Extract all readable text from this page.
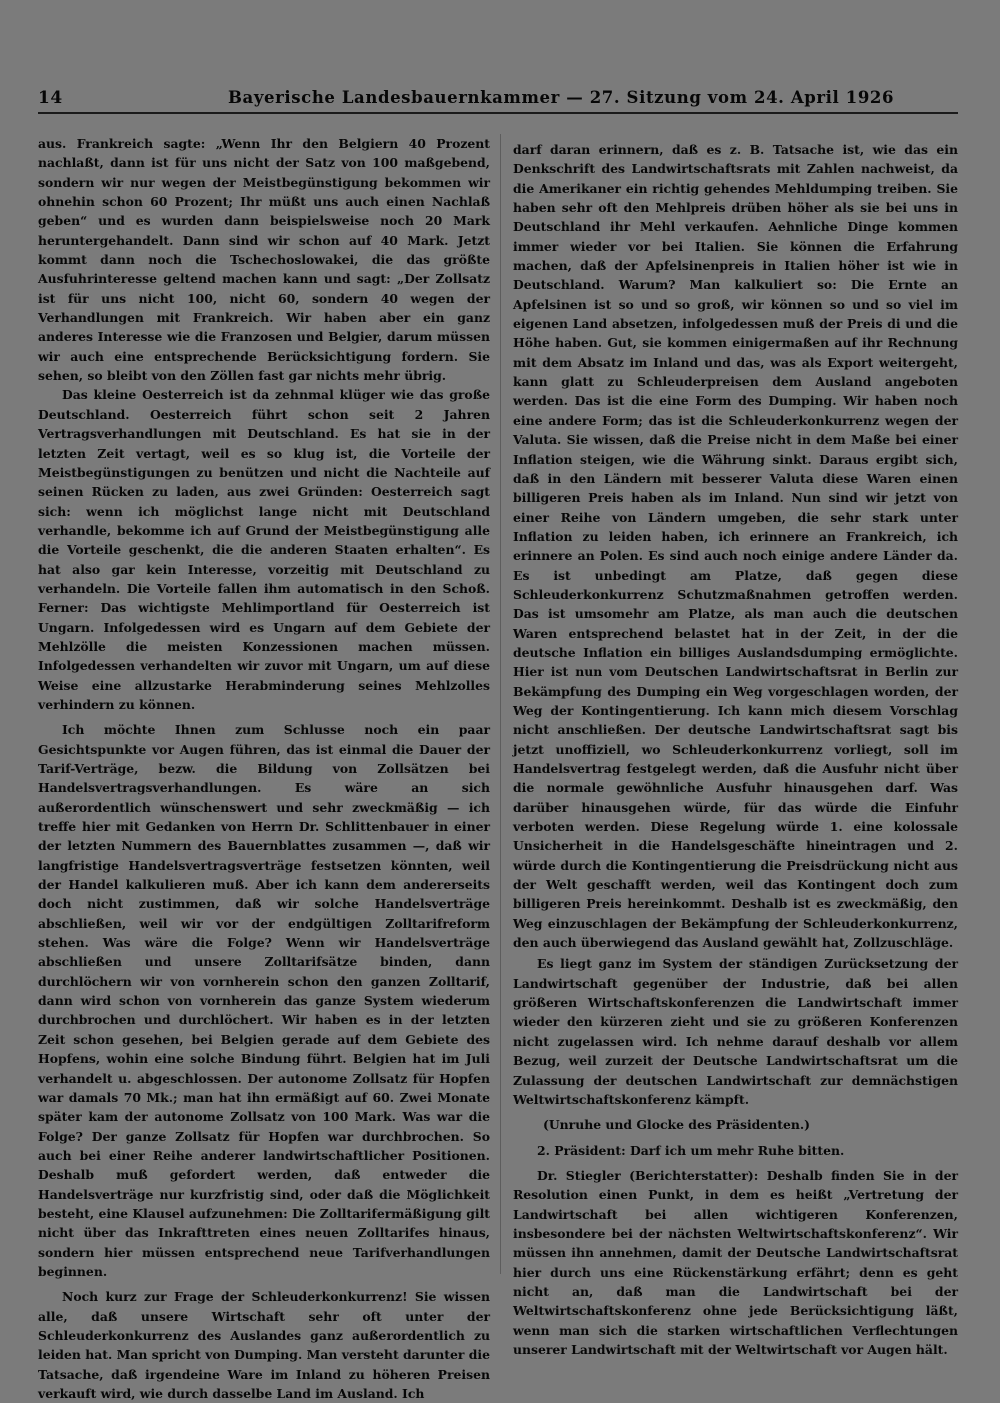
14	Bayerische Landesbauernkammer — 27. Sitzung vom 24. April 1926

aus. Frankreich sagte: „Wenn Ihr den Belgiern 40 Prozent nachlaßt, dann ist für uns nicht der Satz von 100 maßgebend, sondern wir nur wegen der Meistbegünstigung bekommen wir ohnehin schon 60 Prozent; Ihr müßt uns auch einen Nachlaß geben“ und es wurden dann beispielsweise noch 20 Mark heruntergehandelt. Dann sind wir schon auf 40 Mark. Jetzt kommt dann noch die Tschechoslowakei, die das größte Ausfuhrinteresse geltend machen kann und sagt: „Der Zollsatz ist für uns nicht 100, nicht 60, sondern 40 wegen der Verhandlungen mit Frankreich. Wir haben aber ein ganz anderes Interesse wie die Franzosen und Belgier, darum müssen wir auch eine entsprechende Berücksichtigung fordern. Sie sehen, so bleibt von den Zöllen fast gar nichts mehr übrig.

Das kleine Oesterreich ist da zehnmal klüger wie das große Deutschland. Oesterreich führt schon seit 2 Jahren Vertragsverhandlungen mit Deutschland. Es hat sie in der letzten Zeit vertagt, weil es so klug ist, die Vorteile der Meistbegünstigungen zu benützen und nicht die Nachteile auf seinen Rücken zu laden, aus zwei Gründen: Oesterreich sagt sich: wenn ich möglichst lange nicht mit Deutschland verhandle, bekomme ich auf Grund der Meistbegünstigung alle die Vorteile geschenkt, die die anderen Staaten erhalten“. Es hat also gar kein Interesse, vorzeitig mit Deutschland zu verhandeln. Die Vorteile fallen ihm automatisch in den Schoß. Ferner: Das wichtigste Mehlimportland für Oesterreich ist Ungarn. Infolgedessen wird es Ungarn auf dem Gebiete der Mehlzölle die meisten Konzessionen machen müssen. Infolgedessen verhandelten wir zuvor mit Ungarn, um auf diese Weise eine allzustarke Herabminderung seines Mehlzolles verhindern zu können.

Ich möchte Ihnen zum Schlusse noch ein paar Gesichtspunkte vor Augen führen, das ist einmal die Dauer der Tarif-Verträge, bezw. die Bildung von Zollsätzen bei Handelsvertragsverhandlungen. Es wäre an sich außerordentlich wünschenswert und sehr zweckmäßig — ich treffe hier mit Gedanken von Herrn Dr. Schlittenbauer in einer der letzten Nummern des Bauernblattes zusammen —, daß wir langfristige Handelsvertragsverträge festsetzen könnten, weil der Handel kalkulieren muß. Aber ich kann dem andererseits doch nicht zustimmen, daß wir solche Handelsverträge abschließen, weil wir vor der endgültigen Zolltarifreform stehen. Was wäre die Folge? Wenn wir Handelsverträge abschließen und unsere Zolltarifsätze binden, dann durchlöchern wir von vornherein schon den ganzen Zolltarif, dann wird schon von vornherein das ganze System wiederum durchbrochen und durchlöchert. Wir haben es in der letzten Zeit schon gesehen, bei Belgien gerade auf dem Gebiete des Hopfens, wohin eine solche Bindung führt. Belgien hat im Juli verhandelt u. abgeschlossen. Der autonome Zollsatz für Hopfen war damals 70 Mk.; man hat ihn ermäßigt auf 60. Zwei Monate später kam der autonome Zollsatz von 100 Mark. Was war die Folge? Der ganze Zollsatz für Hopfen war durchbrochen. So auch bei einer Reihe anderer landwirtschaftlicher Positionen. Deshalb muß gefordert werden, daß entweder die Handelsverträge nur kurzfristig sind, oder daß die Möglichkeit besteht, eine Klausel aufzunehmen: Die Zolltarifermäßigung gilt nicht über das Inkrafttreten eines neuen Zolltarifes hinaus, sondern hier müssen entsprechend neue Tarifverhandlungen beginnen.

Noch kurz zur Frage der Schleuderkonkurrenz! Sie wissen alle, daß unsere Wirtschaft sehr oft unter der Schleuderkonkurrenz des Auslandes ganz außerordentlich zu leiden hat. Man spricht von Dumping. Man versteht darunter die Tatsache, daß irgendeine Ware im Inland zu höheren Preisen verkauft wird, wie durch dasselbe Land im Ausland. Ich

darf daran erinnern, daß es z. B. Tatsache ist, wie das ein Denkschrift des Landwirtschaftsrats mit Zahlen nachweist, da die Amerikaner ein richtig gehendes Mehldumping treiben. Sie haben sehr oft den Mehlpreis drüben höher als sie bei uns in Deutschland ihr Mehl verkaufen. Aehnliche Dinge kommen immer wieder vor bei Italien. Sie können die Erfahrung machen, daß der Apfelsinenpreis in Italien höher ist wie in Deutschland. Warum? Man kalkuliert so: Die Ernte an Apfelsinen ist so und so groß, wir können so und so viel im eigenen Land absetzen, infolgedessen muß der Preis di und die Höhe haben. Gut, sie kommen einigermaßen auf ihr Rechnung mit dem Absatz im Inland und das, was als Export weitergeht, kann glatt zu Schleuderpreisen dem Ausland angeboten werden. Das ist die eine Form des Dumping. Wir haben noch eine andere Form; das ist die Schleuderkonkurrenz wegen der Valuta. Sie wissen, daß die Preise nicht in dem Maße bei einer Inflation steigen, wie die Währung sinkt. Daraus ergibt sich, daß in den Ländern mit besserer Valuta diese Waren einen billigeren Preis haben als im Inland. Nun sind wir jetzt von einer Reihe von Ländern umgeben, die sehr stark unter Inflation zu leiden haben, ich erinnere an Frankreich, ich erinnere an Polen. Es sind auch noch einige andere Länder da. Es ist unbedingt am Platze, daß gegen diese Schleuderkonkurrenz Schutzmaßnahmen getroffen werden. Das ist umsomehr am Platze, als man auch die deutschen Waren entsprechend belastet hat in der Zeit, in der die deutsche Inflation ein billiges Auslandsdumping ermöglichte. Hier ist nun vom Deutschen Landwirtschaftsrat in Berlin zur Bekämpfung des Dumping ein Weg vorgeschlagen worden, der Weg der Kontingentierung. Ich kann mich diesem Vorschlag nicht anschließen. Der deutsche Landwirtschaftsrat sagt bis jetzt unoffiziell, wo Schleuderkonkurrenz vorliegt, soll im Handelsvertrag festgelegt werden, daß die Ausfuhr nicht über die normale gewöhnliche Ausfuhr hinausgehen darf. Was darüber hinausgehen würde, für das würde die Einfuhr verboten werden. Diese Regelung würde 1. eine kolossale Unsicherheit in die Handelsgeschäfte hineintragen und 2. würde durch die Kontingentierung die Preisdrückung nicht aus der Welt geschafft werden, weil das Kontingent doch zum billigeren Preis hereinkommt. Deshalb ist es zweckmäßig, den Weg einzuschlagen der Bekämpfung der Schleuderkonkurrenz, den auch überwiegend das Ausland gewählt hat, Zollzuschläge.

Es liegt ganz im System der ständigen Zurücksetzung der Landwirtschaft gegenüber der Industrie, daß bei allen größeren Wirtschaftskonferenzen die Landwirtschaft immer wieder den kürzeren zieht und sie zu größeren Konferenzen nicht zugelassen wird. Ich nehme darauf deshalb vor allem Bezug, weil zurzeit der Deutsche Landwirtschaftsrat um die Zulassung der deutschen Landwirtschaft zur demnächstigen Weltwirtschaftskonferenz kämpft.

(Unruhe und Glocke des Präsidenten.)

2. Präsident: Darf ich um mehr Ruhe bitten.

Dr. Stiegler (Berichterstatter): Deshalb finden Sie in der Resolution einen Punkt, in dem es heißt „Vertretung der Landwirtschaft bei allen wichtigeren Konferenzen, insbesondere bei der nächsten Weltwirtschaftskonferenz“. Wir müssen ihn annehmen, damit der Deutsche Landwirtschaftsrat hier durch uns eine Rückenstärkung erfährt; denn es geht nicht an, daß man die Landwirtschaft bei der Weltwirtschaftskonferenz ohne jede Berücksichtigung läßt, wenn man sich die starken wirtschaftlichen Verflechtungen unserer Landwirtschaft mit der Weltwirtschaft vor Augen hält.
